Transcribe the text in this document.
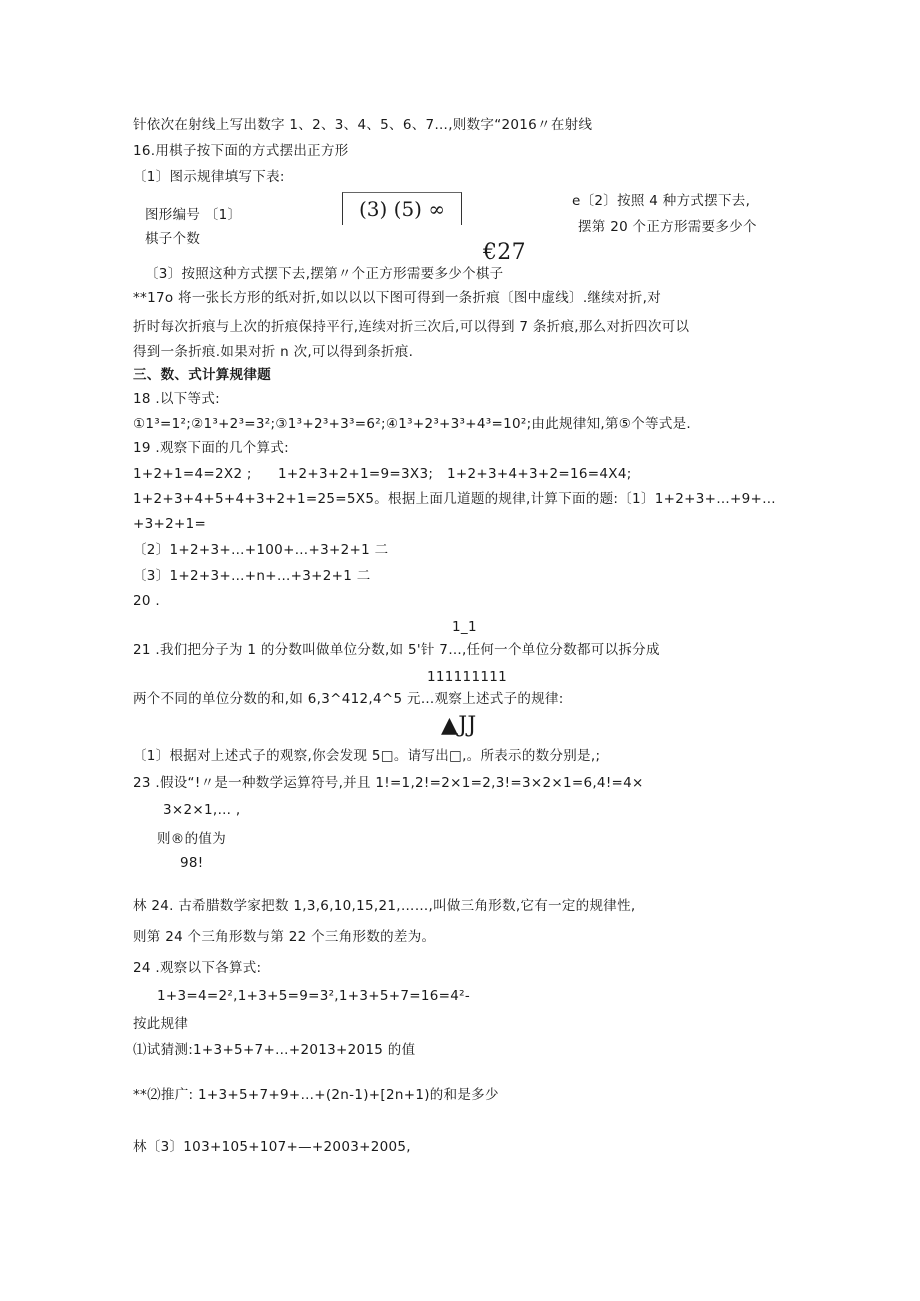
针依次在射线上写出数字 1、2、3、4、5、6、7…,则数字“2016〃在射线
16.用棋子按下面的方式摆出正方形
〔1〕图示规律填写下表:
图形编号 〔1〕	(3) (5) ∞	e〔2〕按照 4 种方式摆下去,
棋子个数
摆第 20 个正方形需要多少个
€27
〔3〕按照这种方式摆下去,摆第〃个正方形需要多少个棋子
**17o 将一张长方形的纸对折,如以以以下图可得到一条折痕〔图中虚线〕.继续对折,对
折时每次折痕与上次的折痕保持平行,连续对折三次后,可以得到 7 条折痕,那么对折四次可以
得到一条折痕.如果对折 n 次,可以得到条折痕.
三、数、式计算规律题
18 .以下等式:
①1³=1²;②1³+2³=3²;③1³+2³+3³=6²;④1³+2³+3³+4³=10²;由此规律知,第⑤个等式是.
19 .观察下面的几个算式:
1+2+1=4=2X2 ; 1+2+3+2+1=9=3X3; 1+2+3+4+3+2=16=4X4;
1+2+3+4+5+4+3+2+1=25=5X5。根据上面几道题的规律,计算下面的题:〔1〕1+2+3+…+9+…
+3+2+1=
〔2〕1+2+3+…+100+…+3+2+1 二
〔3〕1+2+3+…+n+…+3+2+1 二
20 .
1_1
21 .我们把分子为 1 的分数叫做单位分数,如 5'针 7…,任何一个单位分数都可以拆分成
111111111
两个不同的单位分数的和,如 6,3^412,4^5 元…观察上述式子的规律:
▲JJ
〔1〕根据对上述式子的观察,你会发现 5□。请写出□,。所表示的数分别是,;
23 .假设“!〃是一种数学运算符号,并且 1!=1,2!=2×1=2,3!=3×2×1=6,4!=4×
3×2×1,… ,
则®的值为
98!
林 24. 古希腊数学家把数 1,3,6,10,15,21,……,叫做三角形数,它有一定的规律性,
则第 24 个三角形数与第 22 个三角形数的差为。
24 .观察以下各算式:
1+3=4=2²,1+3+5=9=3²,1+3+5+7=16=4²-
按此规律
⑴试猜测:1+3+5+7+…+2013+2015 的值
**⑵推广: 1+3+5+7+9+…+(2n-1)+[2n+1)的和是多少
林〔3〕103+105+107+—+2003+2005,
